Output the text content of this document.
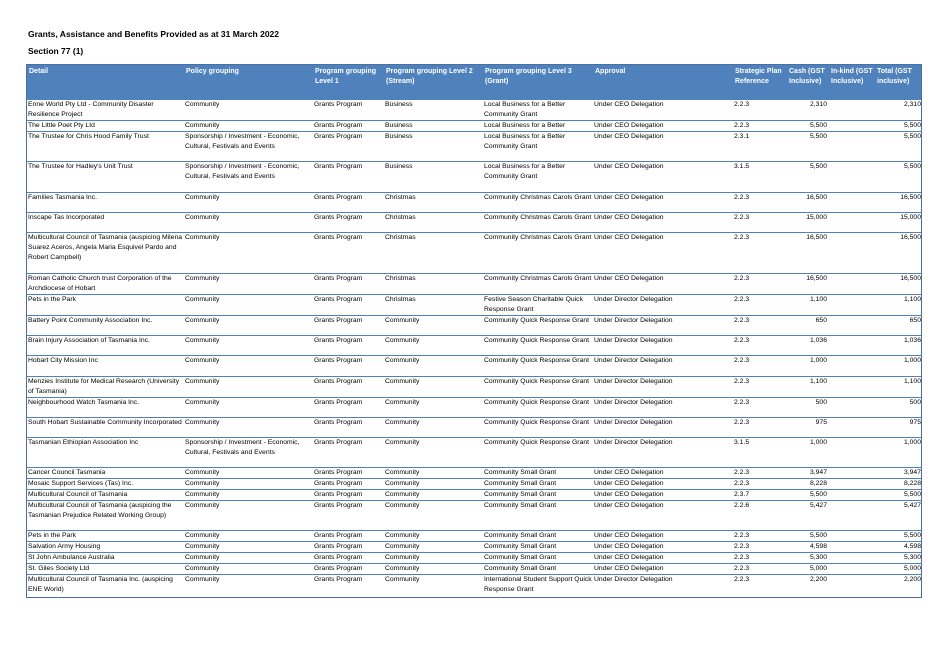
Grants, Assistance and Benefits Provided as at 31 March 2022
Section 77 (1)
Detail	Policy grouping	Program grouping Level 1	Program grouping Level 2 (Stream)	Program grouping Level 3 (Grant)	Approval	Strategic Plan Reference	Cash (GST Inclusive)	In-kind (GST Inclusive)	Total (GST inclusive)
Enne World Pty Ltd - Community Disaster Resilience Project	Community	Grants Program	Business	Local Business for a Better Community Grant	Under CEO Delegation	2.2.3	2,310		2,310
The Little Poet Pty Ltd	Community	Grants Program	Business	Local Business for a Better	Under CEO Delegation	2.2.3	5,500		5,500
The Trustee for Chris Hood Family Trust	Sponsorship / Investment - Economic, Cultural, Festivals and Events	Grants Program	Business	Local Business for a Better Community Grant	Under CEO Delegation	2.3.1	5,500		5,500
The Trustee for Hadley's Unit Trust	Sponsorship / Investment - Economic, Cultural, Festivals and Events	Grants Program	Business	Local Business for a Better Community Grant	Under CEO Delegation	3.1.5	5,500		5,500
Families Tasmania Inc.	Community	Grants Program	Christmas	Community Christmas Carols Grant	Under CEO Delegation	2.2.3	16,500		16,500
Inscape Tas Incorporated	Community	Grants Program	Christmas	Community Christmas Carols Grant	Under CEO Delegation	2.2.3	15,000		15,000
Multicultural Council of Tasmania (auspicing Milena Suarez Aceros, Angela Maria Esquivel Pardo and Robert Campbell)	Community	Grants Program	Christmas	Community Christmas Carols Grant	Under CEO Delegation	2.2.3	16,500		16,500
Roman Catholic Church trust Corporation of the Archdiocese of Hobart	Community	Grants Program	Christmas	Community Christmas Carols Grant	Under CEO Delegation	2.2.3	16,500		16,500
Pets in the Park	Community	Grants Program	Christmas	Festive Season Charitable Quick Response Grant	Under Director Delegation	2.2.3	1,100		1,100
Battery Point Community Association Inc.	Community	Grants Program	Community	Community Quick Response Grant	Under Director Delegation	2.2.3	650		650
Brain Injury Association of Tasmania Inc.	Community	Grants Program	Community	Community Quick Response Grant	Under Director Delegation	2.2.3	1,036		1,036
Hobart City Mission Inc	Community	Grants Program	Community	Community Quick Response Grant	Under Director Delegation	2.2.3	1,000		1,000
Menzies Institute for Medical Research (University of Tasmania)	Community	Grants Program	Community	Community Quick Response Grant	Under Director Delegation	2.2.3	1,100		1,100
Neighbourhood Watch Tasmania Inc.	Community	Grants Program	Community	Community Quick Response Grant	Under Director Delegation	2.2.3	500		500
South Hobart Sustainable Community Incorporated	Community	Grants Program	Community	Community Quick Response Grant	Under Director Delegation	2.2.3	975		975
Tasmanian Ethiopian Association Inc	Sponsorship / Investment - Economic, Cultural, Festivals and Events	Grants Program	Community	Community Quick Response Grant	Under Director Delegation	3.1.5	1,000		1,000
Cancer Council Tasmania	Community	Grants Program	Community	Community Small Grant	Under CEO Delegation	2.2.3	3,947		3,947
Mosaic Support Services (Tas) Inc.	Community	Grants Program	Community	Community Small Grant	Under CEO Delegation	2.2.3	8,228		8,228
Multicultural Council of Tasmania	Community	Grants Program	Community	Community Small Grant	Under CEO Delegation	2.3.7	5,500		5,500
Multicultural Council of Tasmania (auspicing the Tasmanian Prejudice Related Working Group)	Community	Grants Program	Community	Community Small Grant	Under CEO Delegation	2.2.6	5,427		5,427
Pets in the Park	Community	Grants Program	Community	Community Small Grant	Under CEO Delegation	2.2.3	5,500		5,500
Salvation Army Housing	Community	Grants Program	Community	Community Small Grant	Under CEO Delegation	2.2.3	4,598		4,598
St John Ambulance Australia	Community	Grants Program	Community	Community Small Grant	Under CEO Delegation	2.2.3	5,300		5,300
St. Giles Society Ltd	Community	Grants Program	Community	Community Small Grant	Under CEO Delegation	2.2.3	5,000		5,000
Multicultural Council of Tasmania Inc. (auspicing ENE World)	Community	Grants Program	Community	International Student Support Quick Response Grant	Under Director Delegation	2.2.3	2,200		2,200
